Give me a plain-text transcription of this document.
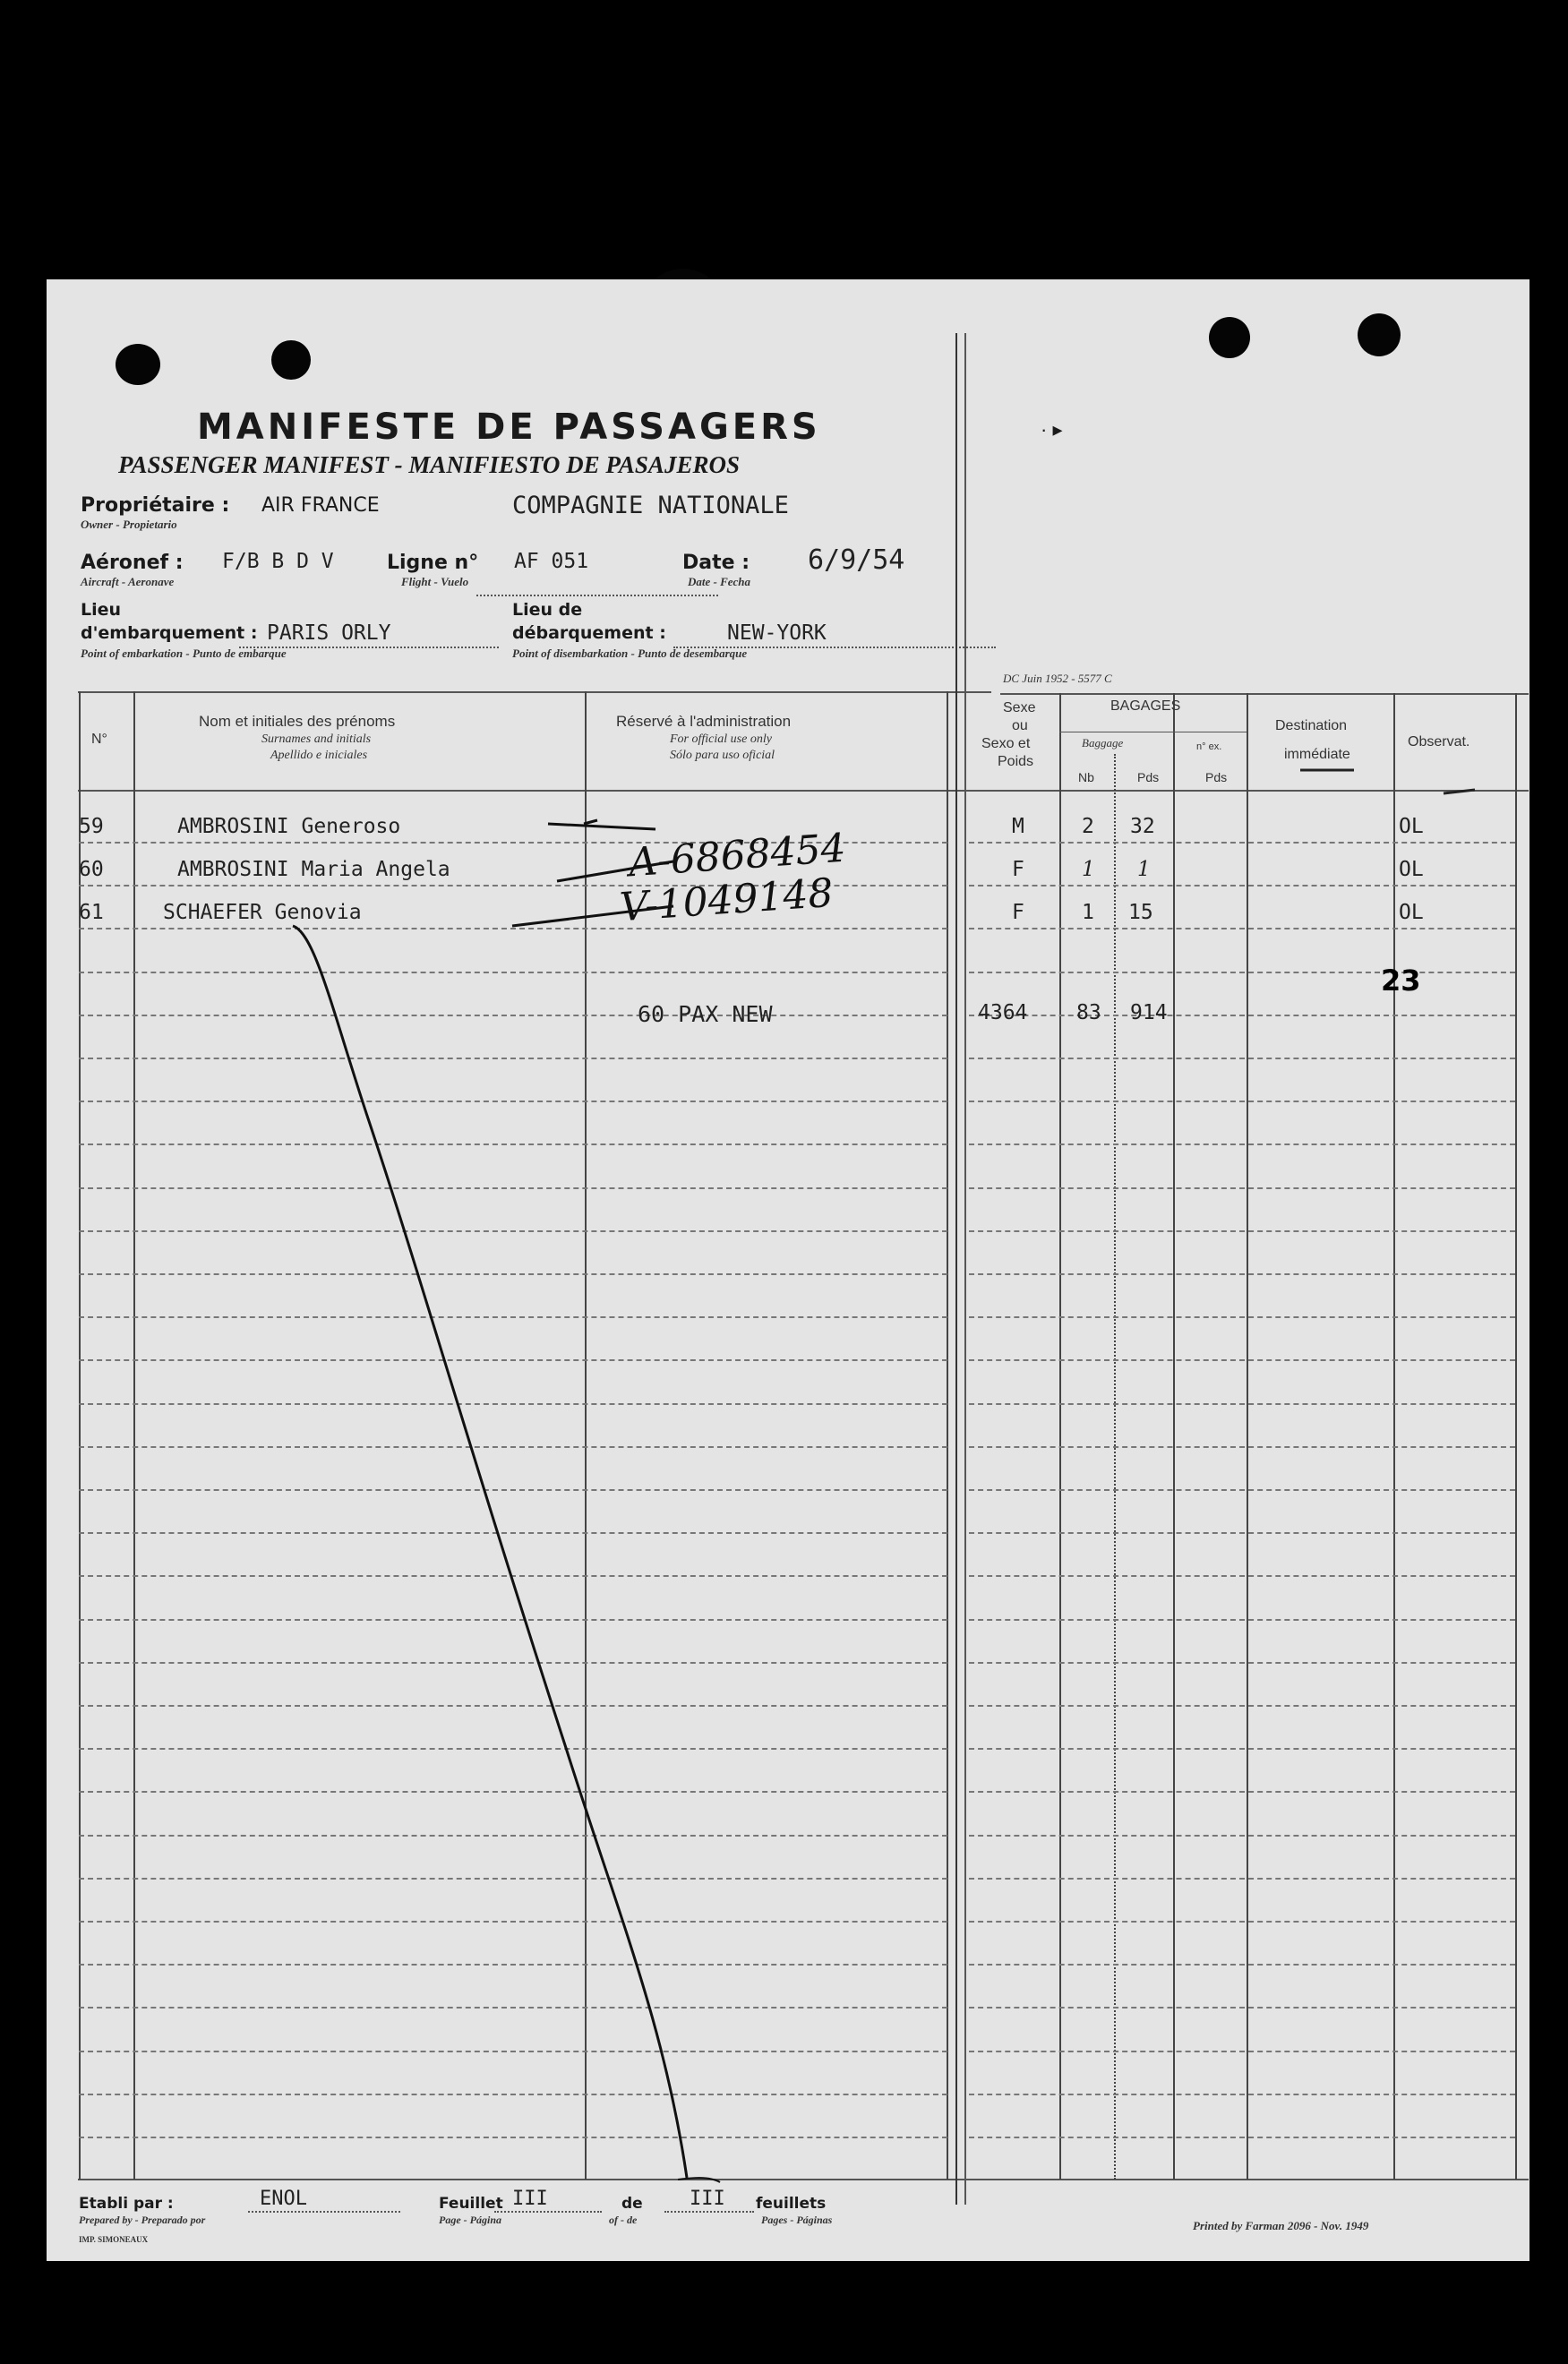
· ▸
MANIFESTE DE PASSAGERS
PASSENGER MANIFEST - MANIFIESTO DE PASAJEROS
Propriétaire :
Owner - Propietario
AIR FRANCE	COMPAGNIE NATIONALE
Aéronef :
Aircraft - Aeronave
F/B B D V	Ligne n°
Flight - Vuelo
AF 051	Date :
Date - Fecha
6/9/54
Lieu
d'embarquement :
Point of embarkation - Punto de embarque
PARIS ORLY
Lieu de
débarquement :
Point of disembarkation - Punto de desembarque
NEW-YORK
DC Juin 1952 - 5577 C
N°
Nom et initiales des prénoms
Surnames and initials
Apellido e iniciales
Réservé à l'administration
For official use only
Sólo para uso oficial
Sexe
ou
Sexo et
Poids
BAGAGES
Baggage
Nb	Pds
n° ex.
Pds
Destination
immédiate
Observat.
59	AMBROSINI Generoso	M	2 32	OL
60	AMBROSINI Maria Angela	F	1 1	OL
61	SCHAEFER Genovia	F	1 15	OL
A-6868454
V-1049148
60 PAX NEW	4364 83 914
23
Etabli par :
Prepared by - Preparado por
ENOL	Feuillet
Page - Página
III	de
of - de
III feuillets
Pages - Páginas
IMP. SIMONEAUX
Printed by Farman 2096 - Nov. 1949
